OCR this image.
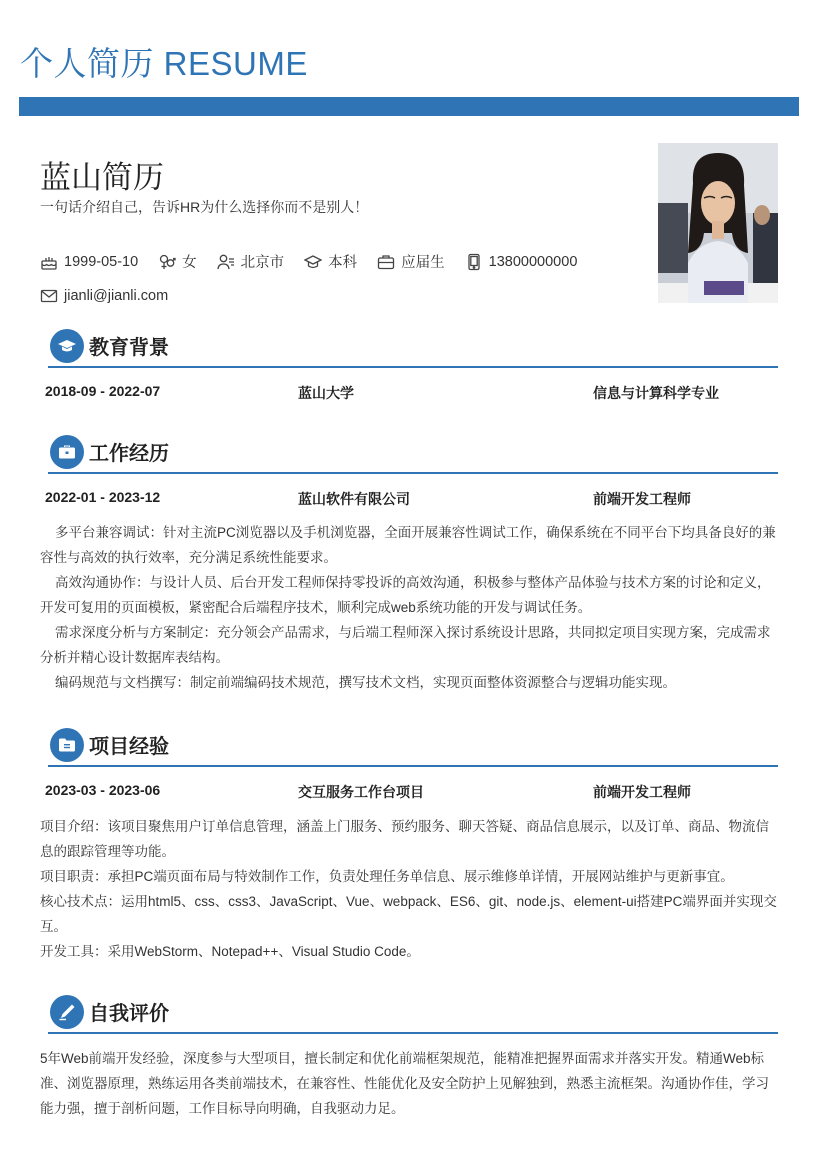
个人简历 RESUME
蓝山简历
一句话介绍自己，告诉HR为什么选择你而不是别人！
1999-05-10	女	北京市	本科	应届生	13800000000
jianli@jianli.com
教育背景
2018-09 - 2022-07	蓝山大学	信息与计算科学专业
工作经历
2022-01 - 2023-12	蓝山软件有限公司	前端开发工程师
多平台兼容调试：针对主流PC浏览器以及手机浏览器，全面开展兼容性调试工作，确保系统在不同平台下均具备良好的兼容性与高效的执行效率，充分满足系统性能要求。
高效沟通协作：与设计人员、后台开发工程师保持零投诉的高效沟通，积极参与整体产品体验与技术方案的讨论和定义，开发可复用的页面模板，紧密配合后端程序技术，顺利完成web系统功能的开发与调试任务。
需求深度分析与方案制定：充分领会产品需求，与后端工程师深入探讨系统设计思路，共同拟定项目实现方案，完成需求分析并精心设计数据库表结构。
编码规范与文档撰写：制定前端编码技术规范，撰写技术文档，实现页面整体资源整合与逻辑功能实现。
项目经验
2023-03 - 2023-06	交互服务工作台项目	前端开发工程师
项目介绍：该项目聚焦用户订单信息管理，涵盖上门服务、预约服务、聊天答疑、商品信息展示，以及订单、商品、物流信息的跟踪管理等功能。
项目职责：承担PC端页面布局与特效制作工作，负责处理任务单信息、展示维修单详情，开展网站维护与更新事宜。
核心技术点：运用html5、css、css3、JavaScript、Vue、webpack、ES6、git、node.js、element-ui搭建PC端界面并实现交互。
开发工具：采用WebStorm、Notepad++、Visual Studio Code。
自我评价
5年Web前端开发经验，深度参与大型项目，擅长制定和优化前端框架规范，能精准把握界面需求并落实开发。精通Web标准、浏览器原理，熟练运用各类前端技术，在兼容性、性能优化及安全防护上见解独到，熟悉主流框架。沟通协作佳，学习能力强，擅于剖析问题，工作目标导向明确，自我驱动力足。
